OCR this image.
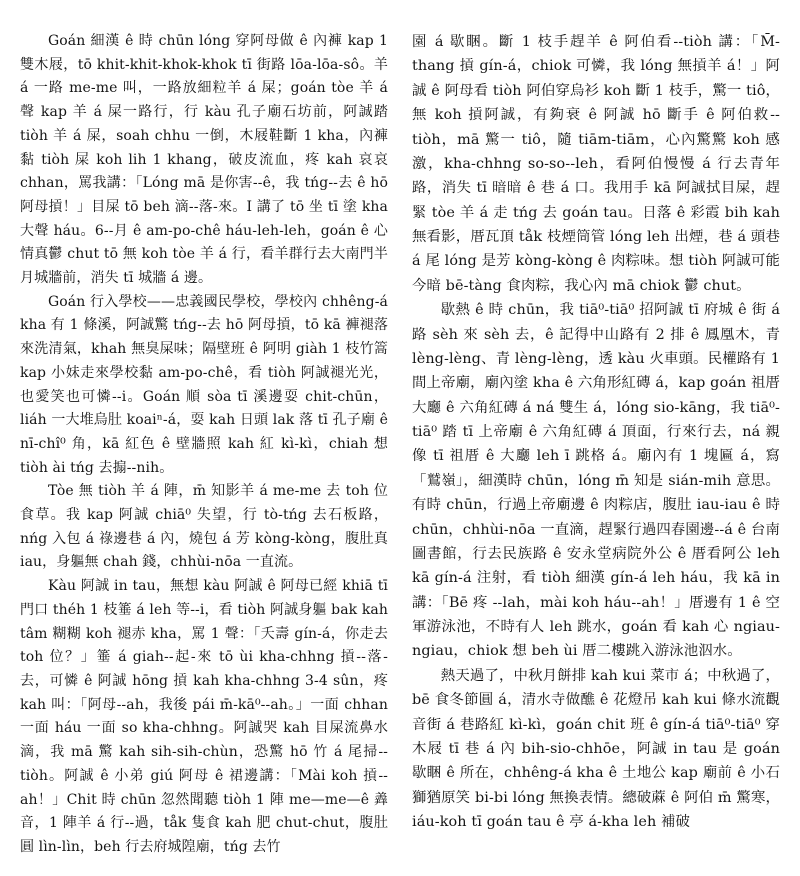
Goán 細漢 ê 時 chūn lóng 穿阿母做 ê 內褲 kap 1 雙木屐，tō khit-khit-khok-khok tī 街路 lōa-lōa-sô。羊 á 一路 me-me 叫，一路放細粒羊 á 屎；goán tòe 羊 á 聲 kap 羊 á 屎一路行，行 kàu 孔子廟石坊前，阿誠踏 tiòh 羊 á 屎，soah chhu 一倒，木屐鞋斷 1 kha，內褲黏 tiòh 屎 koh lih 1 khang，破皮流血，疼 kah 哀哀 chhan，罵我講：「Lóng mā 是你害--ê，我 tńg--去 ê hō 阿母摃！」目屎 tō beh 滴--落-來。I 講了 tō 坐 tī 塗 kha 大聲 háu。6--月 ê am-po-chê háu-leh-leh，goán ê 心情真鬱 chut tō 無 koh tòe 羊 á 行，看羊群行去大南門半月城牆前，消失 tī 城牆 á 邊。

Goán 行入學校——忠義國民學校，學校內 chhêng-á kha 有 1 條溪，阿誠驚 tńg--去 hō 阿母摃，tō kā 褲褪落來洗清氣，khah 無臭屎味；隔壁班 ê 阿明 giàh 1 枝竹篙 kap 小妹走來學校黏 am-po-chê，看 tiòh 阿誠褪光光，也愛笑也可憐--i。Goán 順 sòa tī 溪邊耍 chit-chūn，liáh 一大堆烏肚 koaiⁿ-á，耍 kah 日頭 lak 落 tī 孔子廟 ê nī-chî⁰ 角，kā 紅色 ê 壁牆照 kah 紅 kì-kì，chiah 想 tiòh ài tńg 去搧--nih。

Tòe 無 tiòh 羊 á 陣，m̄ 知影羊 á me-me 去 toh 位食草。我 kap 阿誠 chiā⁰ 失望，行 tò-tńg 去石板路，nńg 入包 á 祿邊巷 á 內，燒包 á 芳 kòng-kòng，腹肚真 iau，身軀無 chah 錢，chhùi-nōa 一直流。

Kàu 阿誠 in tau，無想 kàu 阿誠 ê 阿母已經 khiā tī 門口 théh 1 枝箠 á leh 等--i，看 tiòh 阿誠身軀 bak kah tâm 糊糊 koh 褪赤 kha，罵 1 聲：「夭壽 gín-á，你走去 toh 位？」箠 á giah--起-來 tō ùi kha-chhng 摃--落-去，可憐 ê 阿誠 hōng 摃 kah kha-chhng 3-4 sûn，疼 kah 叫：「阿母--ah，我後 pái m̄-kā⁰--ah。」一面 chhan 一面 háu 一面 so kha-chhng。阿誠哭 kah 目屎流鼻水滴，我 mā 驚 kah sih-sih-chùn，恐驚 hō 竹 á 尾掃--tiòh。阿誠 ê 小弟 giú 阿母 ê 裙邊講：「Mài koh 摃--ah！」Chit 時 chūn 忽然聞聽 tiòh 1 陣 me—me—ê 羴音，1 陣羊 á 行--過，tåk 隻食 kah 肥 chut-chut，腹肚圓 lìn-lìn，beh 行去府城隍廟，tńg 去竹

園 á 歇睏。斷 1 枝手趕羊 ê 阿伯看--tiòh 講：「M̄-thang 摃 gín-á，chiok 可憐，我 lóng 無摃羊 á！」阿誠 ê 阿母看 tiòh 阿伯穿烏衫 koh 斷 1 枝手，驚一 tiô，無 koh 摃阿誠，有夠衰 ê 阿誠 hō 斷手 ê 阿伯救--tiòh，mā 驚一 tiô，隨 tiām-tiām，心內驚驚 koh 感激，kha-chhng so-so--leh，看阿伯慢慢 á 行去青年路，消失 tī 暗暗 ê 巷 á 口。我用手 kā 阿誠拭目屎，趕緊 tòe 羊 á 走 tńg 去 goán tau。日落 ê 彩霞 bih kah 無看影，厝瓦頂 tåk 枝煙筒管 lóng leh 出煙，巷 á 頭巷 á 尾 lóng 是芳 kòng-kòng ê 肉粽味。想 tiòh 阿誠可能今暗 bē-tàng 食肉粽，我心內 mā chiok 鬱 chut。

歇熱 ê 時 chūn，我 tiā⁰-tiā⁰ 招阿誠 tī 府城 ê 街 á 路 sèh 來 sèh 去，ê 記得中山路有 2 排 ê 鳳凰木，青 lèng-lèng、青 lèng-lèng，透 kàu 火車頭。民權路有 1 間上帝廟，廟內塗 kha ê 六角形紅磚 á，kap goán 祖厝大廳 ê 六角紅磚 á ná 雙生 á，lóng sio-kāng，我 tiā⁰-tiā⁰ 踏 tī 上帝廟 ê 六角紅磚 á 頂面，行來行去，ná 親像 tī 祖厝 ê 大廳 leh ī 跳格 á。廟內有 1 塊匾 á，寫「鷲嶺」，細漢時 chūn，lóng m̄ 知是 sián-mih 意思。有時 chūn，行過上帝廟邊 ê 肉粽店，腹肚 iau-iau ê 時 chūn，chhùi-nōa 一直滴，趕緊行過四春園邊--á ê 台南圖書館，行去民族路 ê 安永堂病院外公 ê 厝看阿公 leh kā gín-á 注射，看 tiòh 細漢 gín-á leh háu，我 kā in 講：「Bē 疼 --lah，mài koh háu--ah！」厝邊有 1 ê 空軍游泳池，不時有人 leh 跳水，goán 看 kah 心 ngiau-ngiau，chiok 想 beh ùi 厝二樓跳入游泳池泅水。

熱天過了，中秋月餅排 kah kui 菜市 á；中秋過了，bē 食冬節圓 á，清水寺做醮 ê 花燈吊 kah kui 條水流觀音街 á 巷路紅 kì-kì，goán chit 班 ê gín-á tiā⁰-tiā⁰ 穿木屐 tī 巷 á 內 bih-sio-chhōe，阿誠 in tau 是 goán 歇睏 ê 所在，chhêng-á kha ê 土地公 kap 廟前 ê 小石獅猶原笑 bi-bi lóng 無換表情。總破蔴 ê 阿伯 m̄ 驚寒，iáu-koh tī goán tau ê 亭 á-kha leh 補破
